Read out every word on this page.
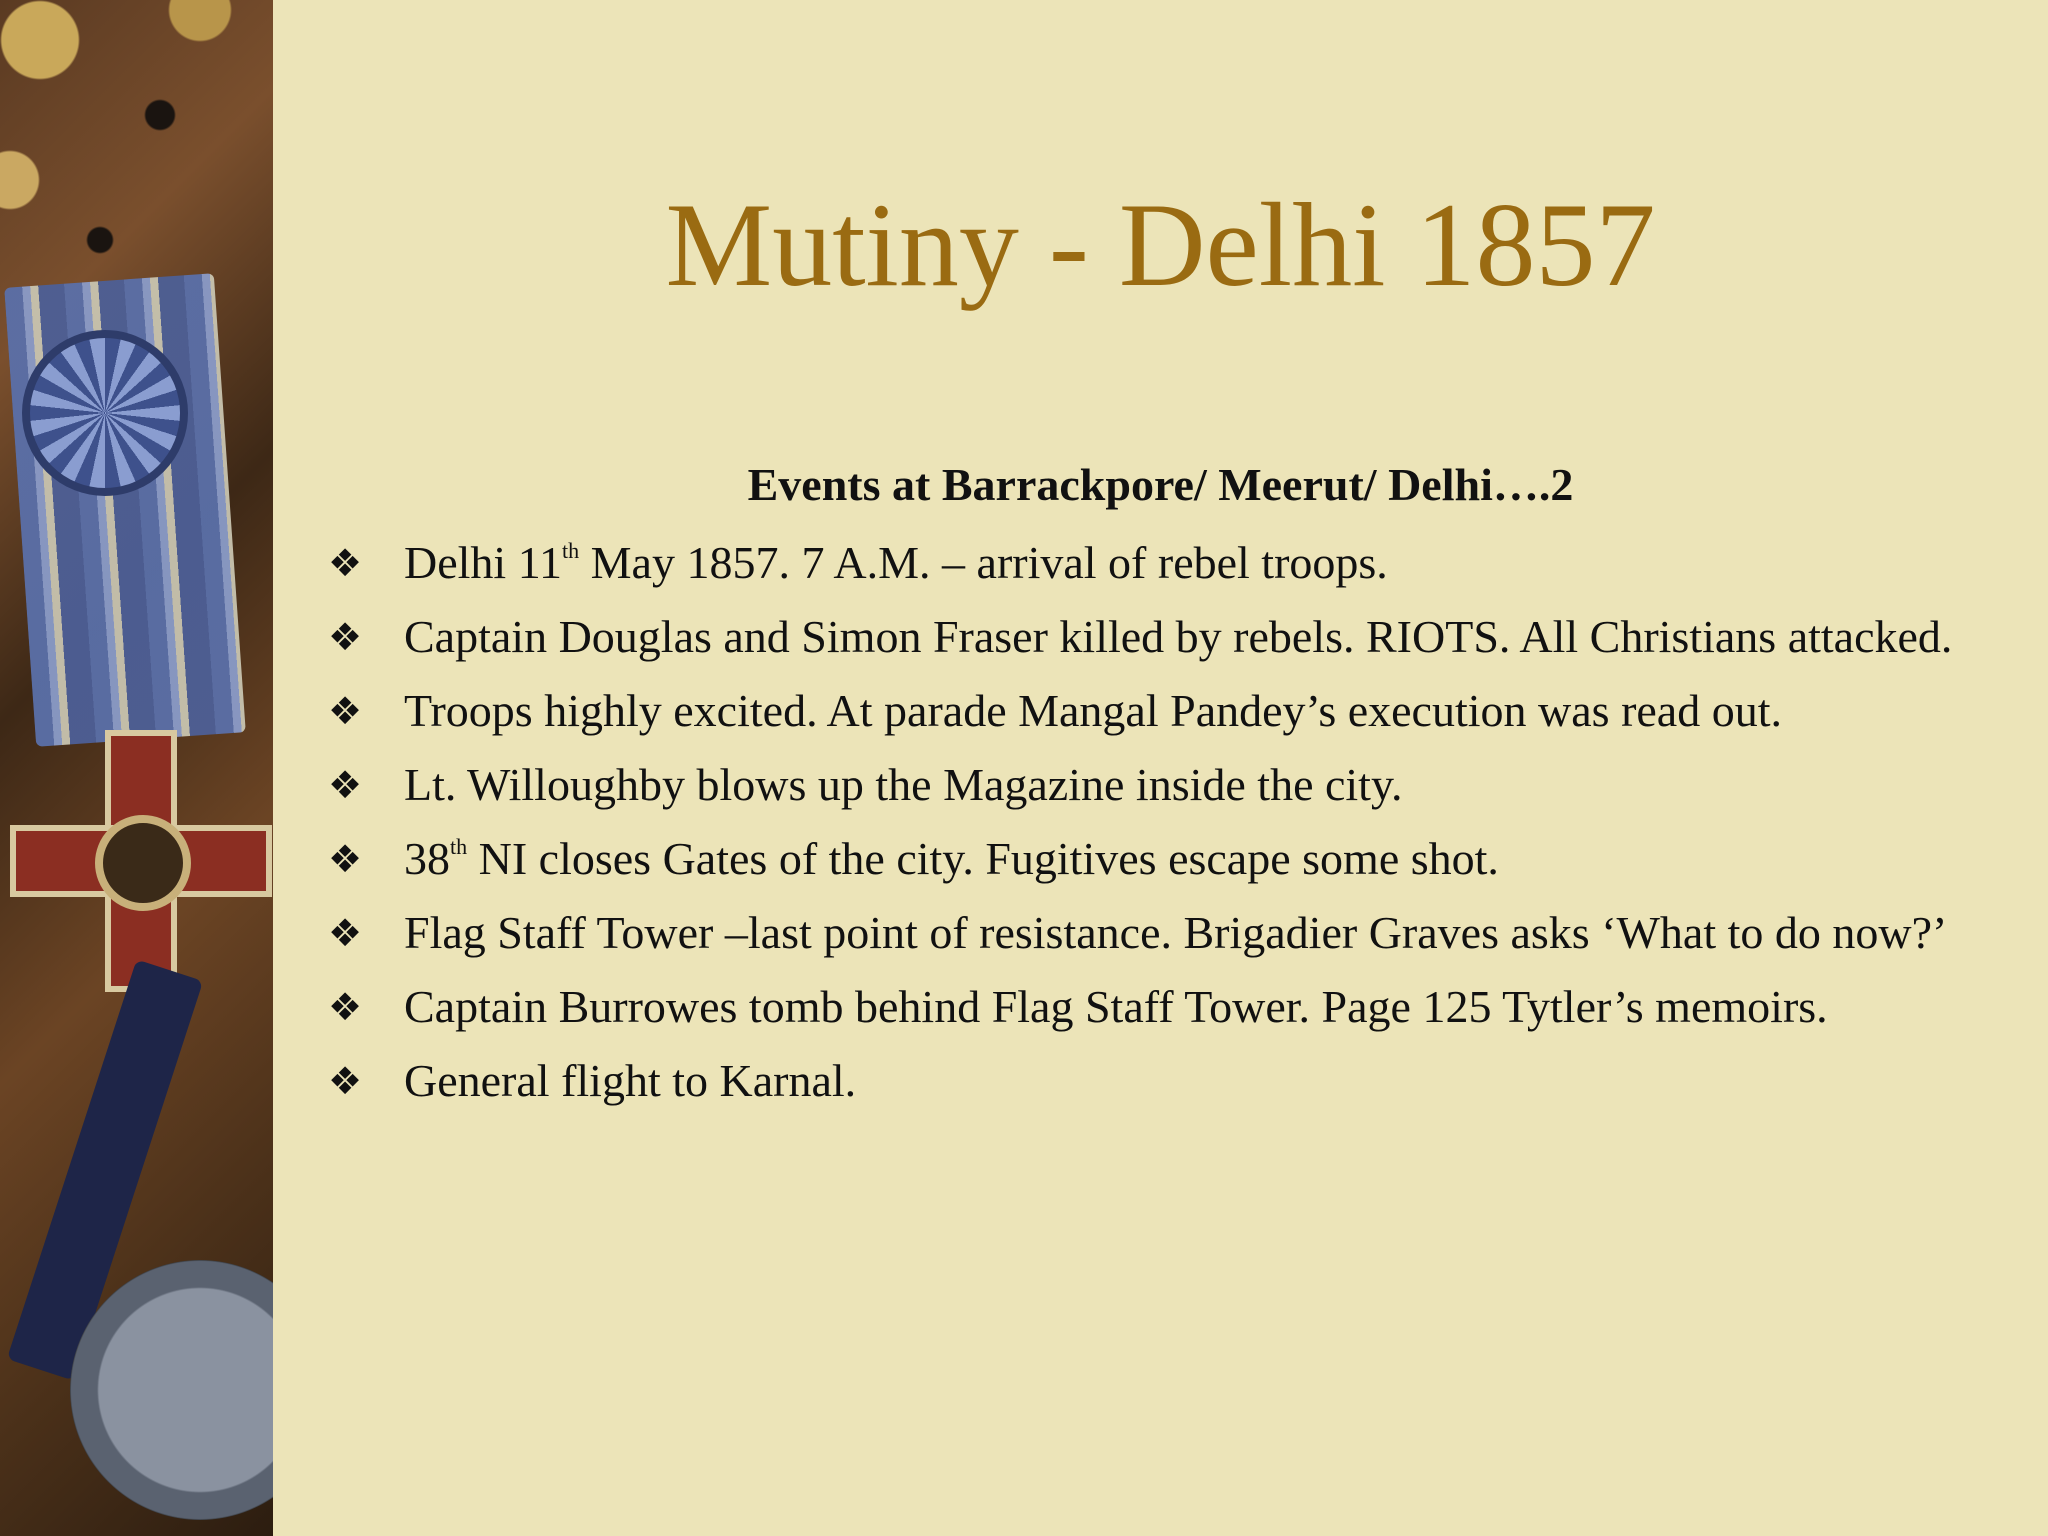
Mutiny - Delhi 1857
Events at Barrackpore/ Meerut/ Delhi….2
❖ Delhi 11th May 1857. 7 A.M. – arrival of rebel troops.
❖ Captain Douglas and Simon Fraser killed by rebels. RIOTS. All Christians attacked.
❖ Troops highly excited. At parade Mangal Pandey’s execution was read out.
❖ Lt. Willoughby blows up the Magazine inside the city.
❖ 38th NI closes Gates of the city. Fugitives escape some shot.
❖ Flag Staff Tower –last point of resistance. Brigadier Graves asks ‘What to do now?’
❖ Captain Burrowes tomb behind Flag Staff Tower. Page 125 Tytler’s memoirs.
❖ General flight to Karnal.
